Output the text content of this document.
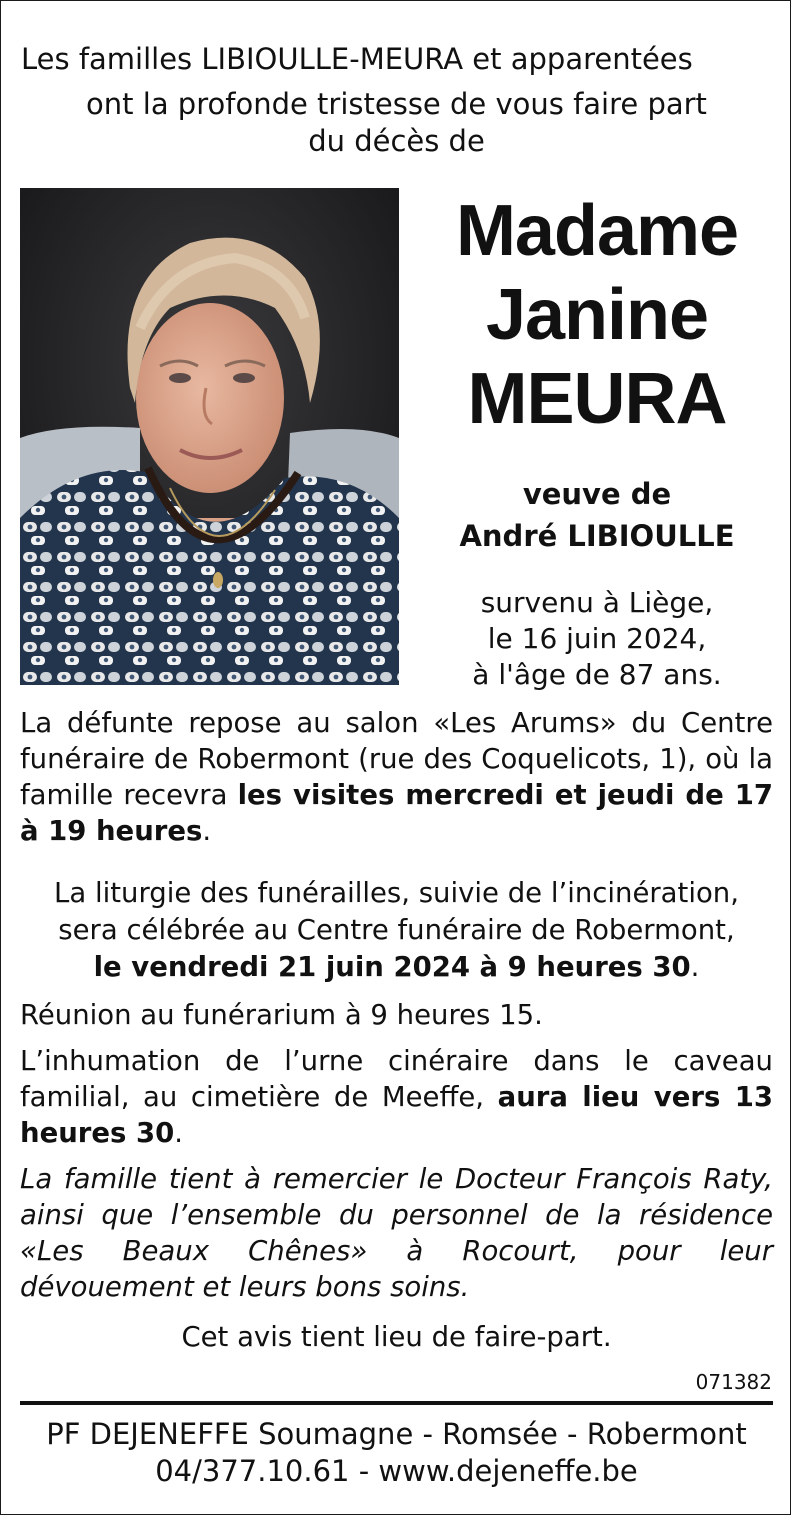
Les familles LIBIOULLE-MEURA et apparentées
ont la profonde tristesse de vous faire part
du décès de
Madame
Janine
MEURA
veuve de
André LIBIOULLE
survenu à Liège,
le 16 juin 2024,
à l'âge de 87 ans.
La défunte repose au salon «Les Arums» du Centre funéraire de Robermont (rue des Coquelicots, 1), où la famille recevra les visites mercredi et jeudi de 17 à 19 heures.
La liturgie des funérailles, suivie de l’incinération,
sera célébrée au Centre funéraire de Robermont,
le vendredi 21 juin 2024 à 9 heures 30.
Réunion au funérarium à 9 heures 15.
L’inhumation de l’urne cinéraire dans le caveau familial, au cimetière de Meeffe, aura lieu vers 13 heures 30.
La famille tient à remercier le Docteur François Raty, ainsi que l’ensemble du personnel de la résidence «Les Beaux Chênes» à Rocourt, pour leur dévouement et leurs bons soins.
Cet avis tient lieu de faire-part.
071382
PF DEJENEFFE Soumagne - Romsée - Robermont
04/377.10.61 - www.dejeneffe.be
